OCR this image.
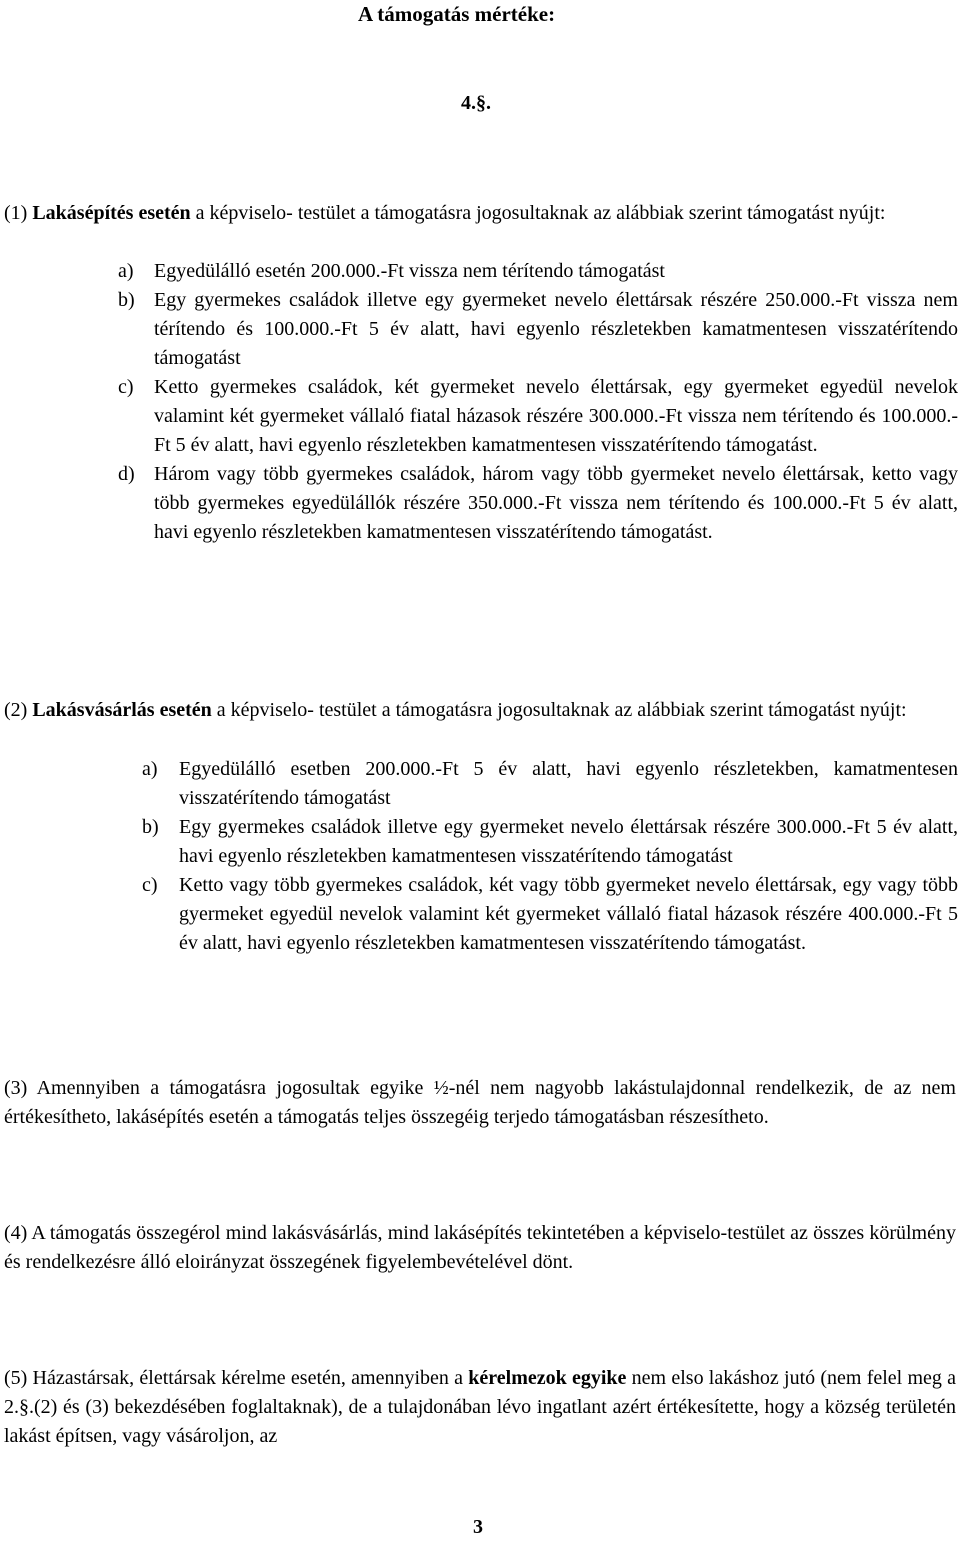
A támogatás mértéke:
4.§.
(1) Lakásépítés esetén a képviselo- testület a támogatásra jogosultaknak az alábbiak szerint támogatást nyújt:
a)	Egyedülálló esetén 200.000.-Ft vissza nem térítendo támogatást
b) Egy gyermekes családok illetve egy gyermeket nevelo élettársak részére 250.000.-Ft vissza nem térítendo és 100.000.-Ft 5 év alatt, havi egyenlo részletekben kamatmentesen visszatérítendo támogatást
c)	Ketto gyermekes családok, két gyermeket nevelo élettársak, egy gyermeket egyedül nevelok valamint két gyermeket vállaló fiatal házasok részére 300.000.-Ft vissza nem térítendo és 100.000.-Ft 5 év alatt, havi egyenlo részletekben kamatmentesen visszatérítendo támogatást.
d) Három vagy több gyermekes családok, három vagy több gyermeket nevelo élettársak, ketto vagy több gyermekes egyedülállók részére 350.000.-Ft vissza nem térítendo és 100.000.-Ft 5 év alatt, havi egyenlo részletekben kamatmentesen visszatérítendo támogatást.
(2) Lakásvásárlás esetén a képviselo- testület a támogatásra jogosultaknak az alábbiak szerint támogatást nyújt:
a)	Egyedülálló esetben 200.000.-Ft 5 év alatt, havi egyenlo részletekben, kamatmentesen visszatérítendo támogatást
b)	Egy gyermekes családok illetve egy gyermeket nevelo élettársak részére 300.000.-Ft 5 év alatt, havi egyenlo részletekben kamatmentesen visszatérítendo támogatást
c)	Ketto vagy több gyermekes családok, két vagy több gyermeket nevelo élettársak, egy vagy több gyermeket egyedül nevelok valamint két gyermeket vállaló fiatal házasok részére 400.000.-Ft 5 év alatt, havi egyenlo részletekben kamatmentesen visszatérítendo támogatást.
(3) Amennyiben a támogatásra jogosultak egyike ½-nél nem nagyobb lakástulajdonnal rendelkezik, de az nem értékesítheto, lakásépítés esetén a támogatás teljes összegéig terjedo támogatásban részesítheto.
(4) A támogatás összegérol mind lakásvásárlás, mind lakásépítés tekintetében a képviselo-testület az összes körülmény és rendelkezésre álló eloirányzat összegének figyelembevételével dönt.
(5) Házastársak, élettársak kérelme esetén, amennyiben a kérelmezok egyike nem elso lakáshoz jutó (nem felel meg a 2.§.(2) és (3) bekezdésében foglaltaknak), de a tulajdonában lévo ingatlant azért értékesítette, hogy a község területén lakást építsen, vagy vásároljon, az
3
